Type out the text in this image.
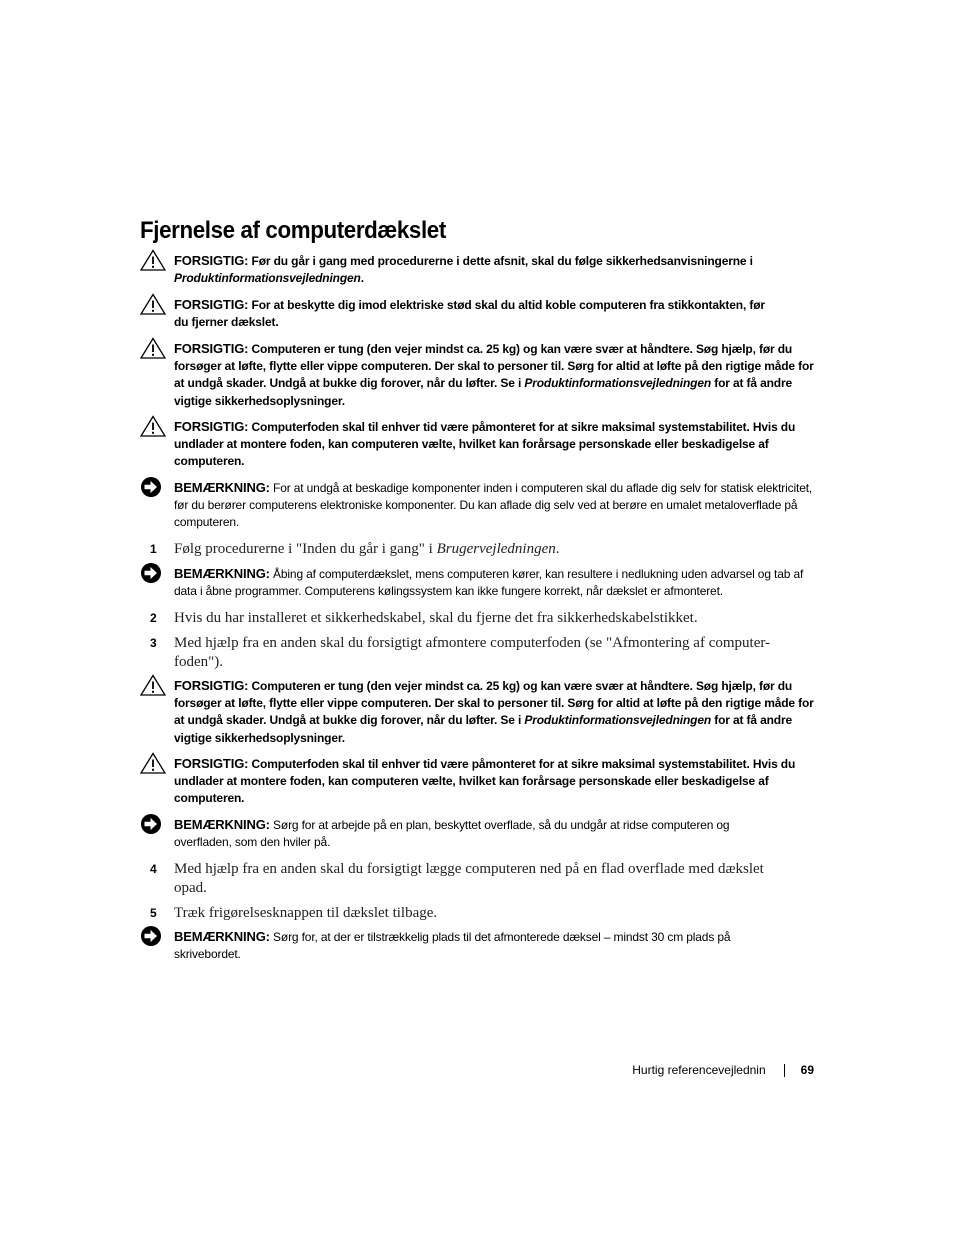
Fjernelse af computerdækslet
FORSIGTIG: Før du går i gang med procedurerne i dette afsnit, skal du følge sikkerhedsanvisningerne i Produktinformationsvejledningen.
FORSIGTIG: For at beskytte dig imod elektriske stød skal du altid koble computeren fra stikkontakten, før du fjerner dækslet.
FORSIGTIG: Computeren er tung (den vejer mindst ca. 25 kg) og kan være svær at håndtere. Søg hjælp, før du forsøger at løfte, flytte eller vippe computeren. Der skal to personer til. Sørg for altid at løfte på den rigtige måde for at undgå skader. Undgå at bukke dig forover, når du løfter. Se i Produktinformationsvejledningen for at få andre vigtige sikkerhedsoplysninger.
FORSIGTIG: Computerfoden skal til enhver tid være påmonteret for at sikre maksimal systemstabilitet. Hvis du undlader at montere foden, kan computeren vælte, hvilket kan forårsage personskade eller beskadigelse af computeren.
BEMÆRKNING: For at undgå at beskadige komponenter inden i computeren skal du aflade dig selv for statisk elektricitet, før du berører computerens elektroniske komponenter. Du kan aflade dig selv ved at berøre en umalet metaloverflade på computeren.
1 Følg procedurerne i "Inden du går i gang" i Brugervejledningen.
BEMÆRKNING: Åbing af computerdækslet, mens computeren kører, kan resultere i nedlukning uden advarsel og tab af data i åbne programmer. Computerens kølingssystem kan ikke fungere korrekt, når dækslet er afmonteret.
2 Hvis du har installeret et sikkerhedskabel, skal du fjerne det fra sikkerhedskabelstikket.
3 Med hjælp fra en anden skal du forsigtigt afmontere computerfoden (se "Afmontering af computer-foden").
FORSIGTIG: Computeren er tung (den vejer mindst ca. 25 kg) og kan være svær at håndtere. Søg hjælp, før du forsøger at løfte, flytte eller vippe computeren. Der skal to personer til. Sørg for altid at løfte på den rigtige måde for at undgå skader. Undgå at bukke dig forover, når du løfter. Se i Produktinformationsvejledningen for at få andre vigtige sikkerhedsoplysninger.
FORSIGTIG: Computerfoden skal til enhver tid være påmonteret for at sikre maksimal systemstabilitet. Hvis du undlader at montere foden, kan computeren vælte, hvilket kan forårsage personskade eller beskadigelse af computeren.
BEMÆRKNING: Sørg for at arbejde på en plan, beskyttet overflade, så du undgår at ridse computeren og overfladen, som den hviler på.
4 Med hjælp fra en anden skal du forsigtigt lægge computeren ned på en flad overflade med dækslet opad.
5 Træk frigørelsesknappen til dækslet tilbage.
BEMÆRKNING: Sørg for, at der er tilstrækkelig plads til det afmonterede dæksel – mindst 30 cm plads på skrivebordet.
Hurtig referencevejlednin	69
